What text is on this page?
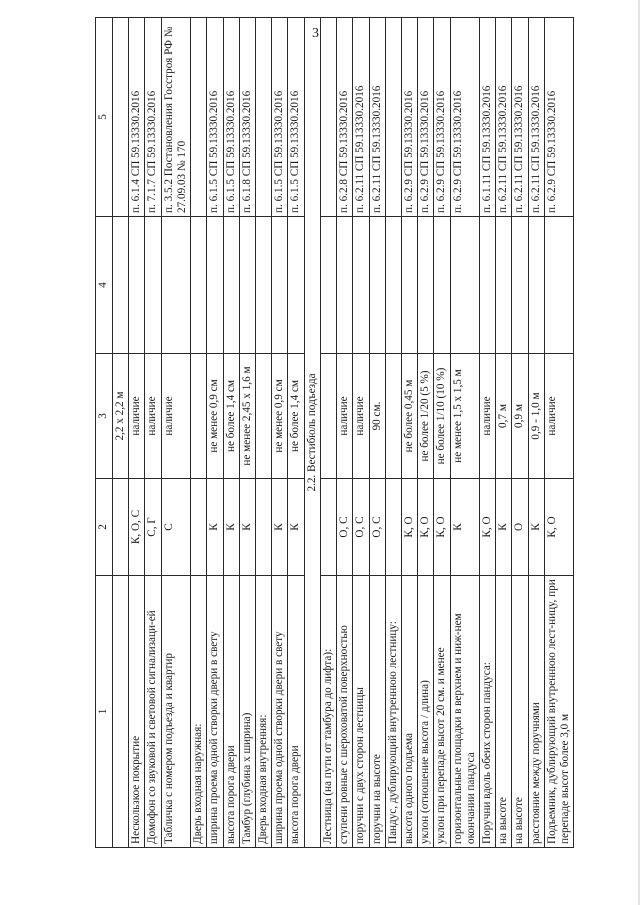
3
1	2	3	4	5
		2,2 х 2,2 м		
Нескользкое покрытие	К, О, С	наличие		п. 6.1.4 СП 59.13330.2016
Домофон со звуковой и световой сигнализаци-ей	С, Г	наличие		п. 7.1.7 СП 59.13330.2016
Табличка с номером подъезда и квартир	С	наличие		п. 3.5.2 Постановления Госстроя РФ № 27.09.03 № 170
Дверь входная наружная:				
ширина проема одной створки двери в свету	К	не менее 0,9 см		п. 6.1.5 СП 59.13330.2016
высота порога двери	К	не более 1,4 см		п. 6.1.5 СП 59.13330.2016
Тамбур (глубина х ширина)	К	не менее 2,45 х 1,6 м		п. 6.1.8 СП 59.13330.2016
Дверь входная внутренняя:				
ширина проема одной створки двери в свету	К	не менее 0,9 см		п. 6.1.5 СП 59.13330.2016
высота порога двери	К	не более 1,4 см		п. 6.1.5 СП 59.13330.2016
2.2. Вестибюль подъезда				
Лестница (на пути от тамбура до лифта):				
ступени ровные с шероховатой поверхностью	О, С	наличие		п. 6.2.8 СП 59.13330.2016
поручни с двух сторон лестницы	О, С	наличие		п. 6.2.11 СП 59.13330.2016
поручни на высоте	О, С	90 см.		п. 6.2.11 СП 59.13330.2016
Пандус, дублирующий внутреннюю лестницу:				
высота одного подъема	К, О	не более 0,45 м		п. 6.2.9 СП 59.13330.2016
уклон (отношение высота / длина)	К, О	не более 1/20 (5 %)		п. 6.2.9 СП 59.13330.2016
уклон при перепаде высот 20 см. и менее	К, О	не более 1/10 (10 %)		п. 6.2.9 СП 59.13330.2016
горизонтальные площадки в верхнем и ниж-нем окончании пандуса	К	не менее 1,5 х 1,5 м		п. 6.2.9 СП 59.13330.2016
Поручни вдоль обеих сторон пандуса:	К, О	наличие		п. 6.1.11 СП 59.13330.2016
на высоте	К	0,7 м		п. 6.2.11 СП 59.13330.2016
на высоте	О	0,9 м		п. 6.2.11 СП 59.13330.2016
расстояние между поручнями	К	0,9 - 1,0 м		п. 6.2.11 СП 59.13330.2016
Подъемник, дублирующий внутреннюю лест-ницу, при перепаде высот более 3,0 м	К, О	наличие		п. 6.2.9 СП 59.13330.2016
